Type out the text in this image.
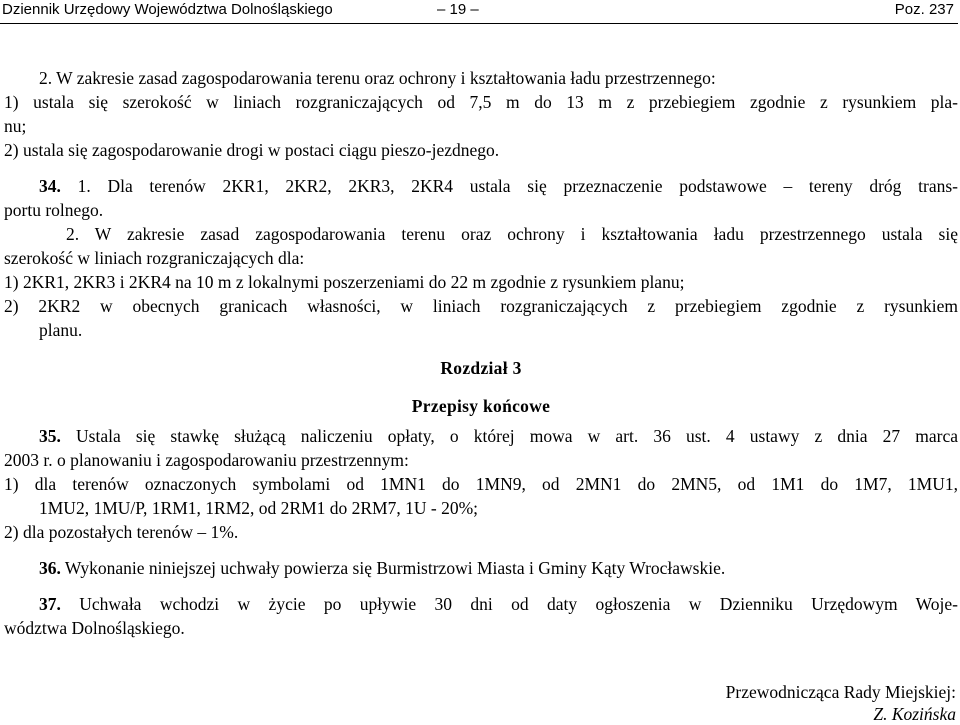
Dziennik Urzędowy Województwa Dolnośląskiego	– 19 –	Poz. 237

2. W zakresie zasad zagospodarowania terenu oraz ochrony i kształtowania ładu przestrzennego:

1) ustala się szerokość w liniach rozgraniczających od 7,5 m do 13 m z przebiegiem zgodnie z rysunkiem pla-

nu;

2) ustala się zagospodarowanie drogi w postaci ciągu pieszo-jezdnego.

34. 1. Dla terenów 2KR1, 2KR2, 2KR3, 2KR4 ustala się przeznaczenie podstawowe – tereny dróg trans-

portu rolnego.

2. W zakresie zasad zagospodarowania terenu oraz ochrony i kształtowania ładu przestrzennego ustala się

szerokość w liniach rozgraniczających dla:

1) 2KR1, 2KR3 i 2KR4 na 10 m z lokalnymi poszerzeniami do 22 m zgodnie z rysunkiem planu;

2) 2KR2 w obecnych granicach własności, w liniach rozgraniczających z przebiegiem zgodnie z rysunkiem

planu.

Rozdział 3

Przepisy końcowe

35. Ustala się stawkę służącą naliczeniu opłaty, o której mowa w art. 36 ust. 4 ustawy z dnia 27 marca

2003 r. o planowaniu i zagospodarowaniu przestrzennym:

1) dla terenów oznaczonych symbolami od 1MN1 do 1MN9, od 2MN1 do 2MN5, od 1M1 do 1M7, 1MU1,

1MU2, 1MU/P, 1RM1, 1RM2, od 2RM1 do 2RM7, 1U - 20%;

2) dla pozostałych terenów – 1%.

36. Wykonanie niniejszej uchwały powierza się Burmistrzowi Miasta i Gminy Kąty Wrocławskie.

37. Uchwała wchodzi w życie po upływie 30 dni od daty ogłoszenia w Dzienniku Urzędowym Woje-

wództwa Dolnośląskiego.

Przewodnicząca Rady Miejskiej:

Z. Kozińska
